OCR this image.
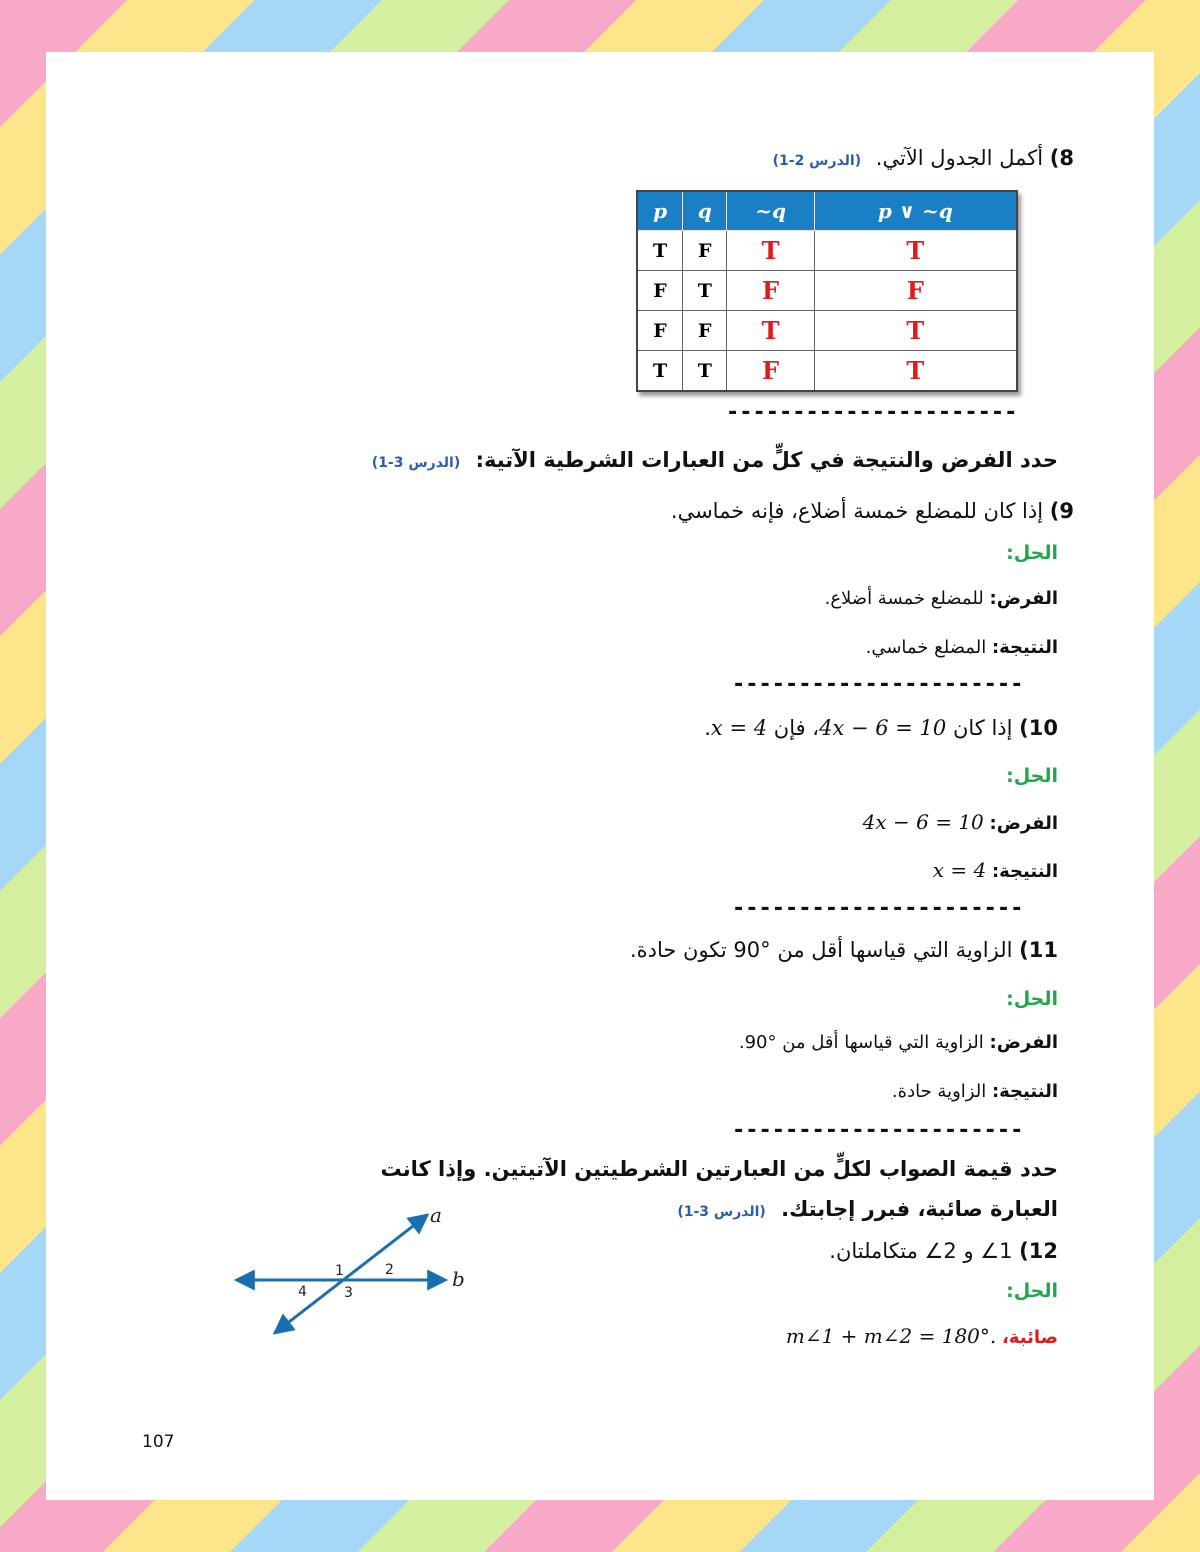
8) أكمل الجدول الآتي. (الدرس 2-1)
p	q	~q	p ∨ ~q
T	F	T	T
F	T	F	F
F	F	T	T
T	T	F	T
----------------------
حدد الفرض والنتيجة في كلٍّ من العبارات الشرطية الآتية: (الدرس 3-1)
9) إذا كان للمضلع خمسة أضلاع، فإنه خماسي.
الحل:
الفرض: للمضلع خمسة أضلاع.
النتيجة: المضلع خماسي.
----------------------
10) إذا كان 4x − 6 = 10، فإن x = 4.
الحل:
الفرض: 4x − 6 = 10
النتيجة: x = 4
----------------------
11) الزاوية التي قياسها أقل من °90 تكون حادة.
الحل:
الفرض: الزاوية التي قياسها أقل من °90.
النتيجة: الزاوية حادة.
----------------------
حدد قيمة الصواب لكلٍّ من العبارتين الشرطيتين الآتيتين. وإذا كانت
العبارة صائبة، فبرر إجابتك. (الدرس 3-1)
12) 1∠ و 2∠ متكاملتان.
الحل:
صائبة، m∠1 + m∠2 = 180°.
a
b
1	2
3
4
107
